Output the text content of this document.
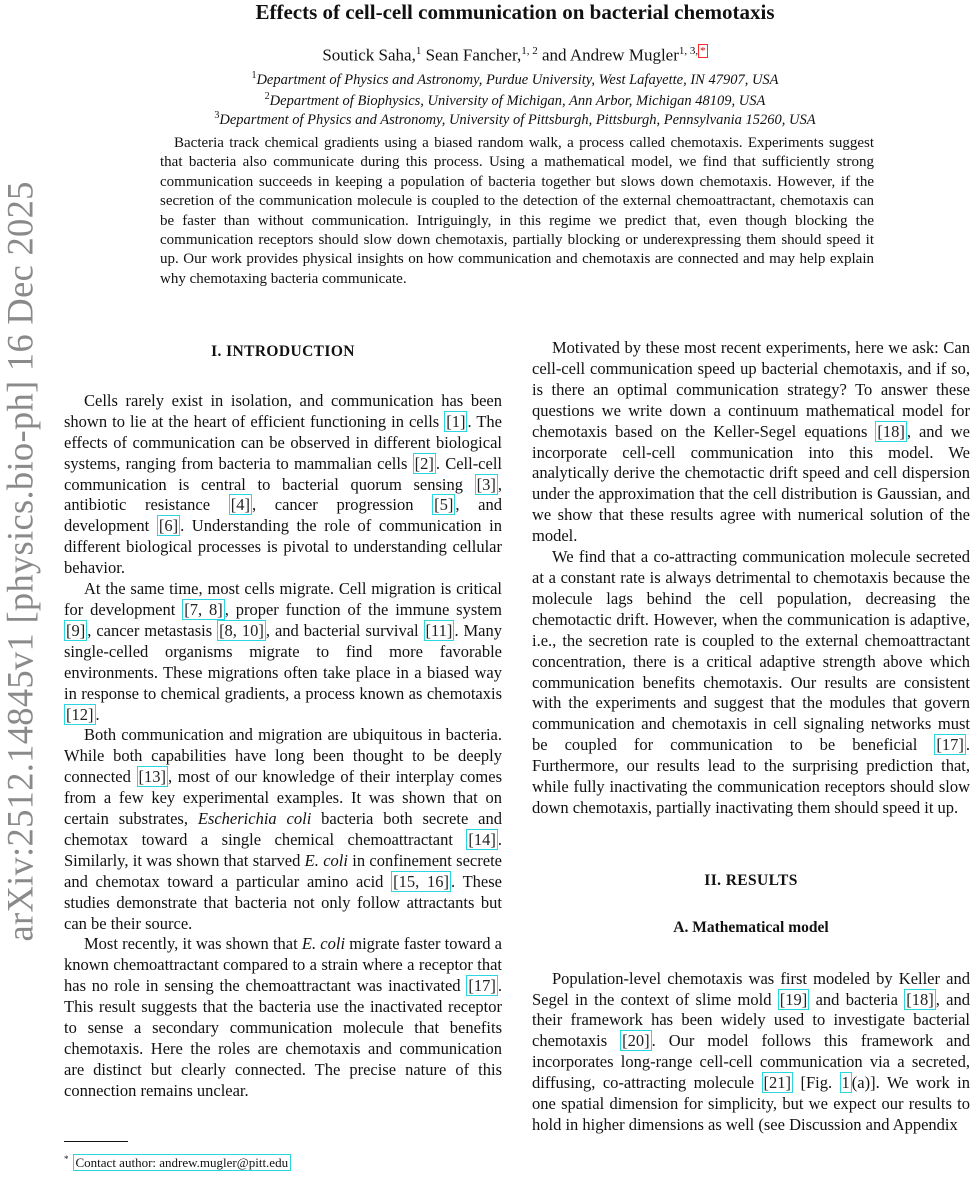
arXiv:2512.14845v1 [physics.bio-ph] 16 Dec 2025
Effects of cell-cell communication on bacterial chemotaxis
Soutick Saha,$^1$ Sean Fancher,$^{1, 2}$ and Andrew Mugler$^{1, 3, *}$
$^1$Department of Physics and Astronomy, Purdue University, West Lafayette, IN 47907, USA
$^2$Department of Biophysics, University of Michigan, Ann Arbor, Michigan 48109, USA
$^3$Department of Physics and Astronomy, University of Pittsburgh, Pittsburgh, Pennsylvania 15260, USA
Bacteria track chemical gradients using a biased random walk, a process called chemotaxis. Experiments suggest that bacteria also communicate during this process. Using a mathematical model, we find that sufficiently strong communication succeeds in keeping a population of bacteria together but slows down chemotaxis. However, if the secretion of the communication molecule is coupled to the detection of the external chemoattractant, chemotaxis can be faster than without communication. Intriguingly, in this regime we predict that, even though blocking the communication receptors should slow down chemotaxis, partially blocking or underexpressing them should speed it up. Our work provides physical insights on how communication and chemotaxis are connected and may help explain why chemotaxing bacteria communicate.
I. INTRODUCTION

Cells rarely exist in isolation, and communication has been shown to lie at the heart of efficient functioning in cells [1] . The effects of communication can be observed in different biological systems, ranging from bacteria to mammalian cells [2] . Cell-cell communication is central to bacterial quorum sensing [3] , antibiotic resistance [4] , cancer progression [5] , and development [6] . Understanding the role of communication in different biological processes is pivotal to understanding cellular behavior.

At the same time, most cells migrate. Cell migration is critical for development [7, 8] , proper function of the immune system [9] , cancer metastasis [8, 10] , and bacterial survival [11] . Many single-celled organisms migrate to find more favorable environments. These migrations often take place in a biased way in response to chemical gradients, a process known as chemotaxis [12] .

Both communication and migration are ubiquitous in bacteria. While both capabilities have long been thought to be deeply connected [13] , most of our knowledge of their interplay comes from a few key experimental examples. It was shown that on certain substrates, Escherichia coli bacteria both secrete and chemotax toward a single chemical chemoattractant [14] . Similarly, it was shown that starved E. coli in confinement secrete and chemotax toward a particular amino acid [15, 16] . These studies demonstrate that bacteria not only follow attractants but can be their source.

Most recently, it was shown that E. coli migrate faster toward a known chemoattractant compared to a strain where a receptor that has no role in sensing the chemoattractant was inactivated [17] . This result suggests that the bacteria use the inactivated receptor to sense a secondary communication molecule that benefits chemotaxis. Here the roles are chemotaxis and communication are distinct but clearly connected. The precise nature of this connection remains unclear.

Motivated by these most recent experiments, here we ask: Can cell-cell communication speed up bacterial chemotaxis, and if so, is there an optimal communication strategy? To answer these questions we write down a continuum mathematical model for chemotaxis based on the Keller-Segel equations [18] , and we incorporate cell-cell communication into this model. We analytically derive the chemotactic drift speed and cell dispersion under the approximation that the cell distribution is Gaussian, and we show that these results agree with numerical solution of the model.

We find that a co-attracting communication molecule secreted at a constant rate is always detrimental to chemotaxis because the molecule lags behind the cell population, decreasing the chemotactic drift. However, when the communication is adaptive, i.e., the secretion rate is coupled to the external chemoattractant concentration, there is a critical adaptive strength above which communication benefits chemotaxis. Our results are consistent with the experiments and suggest that the modules that govern communication and chemotaxis in cell signaling networks must be coupled for communication to be beneficial [17] . Furthermore, our results lead to the surprising prediction that, while fully inactivating the communication receptors should slow down chemotaxis, partially inactivating them should speed it up.

II. RESULTS
A. Mathematical model

Population-level chemotaxis was first modeled by Keller and Segel in the context of slime mold [19] and bacteria [18] , and their framework has been widely used to investigate bacterial chemotaxis [20] . Our model follows this framework and incorporates long-range cell-cell communication via a secreted, diffusing, co-attracting molecule [21] [Fig. 1 (a)]. We work in one spatial dimension for simplicity, but we expect our results to hold in higher dimensions as well (see Discussion and Appendix

* Contact author: andrew.mugler@pitt.edu
